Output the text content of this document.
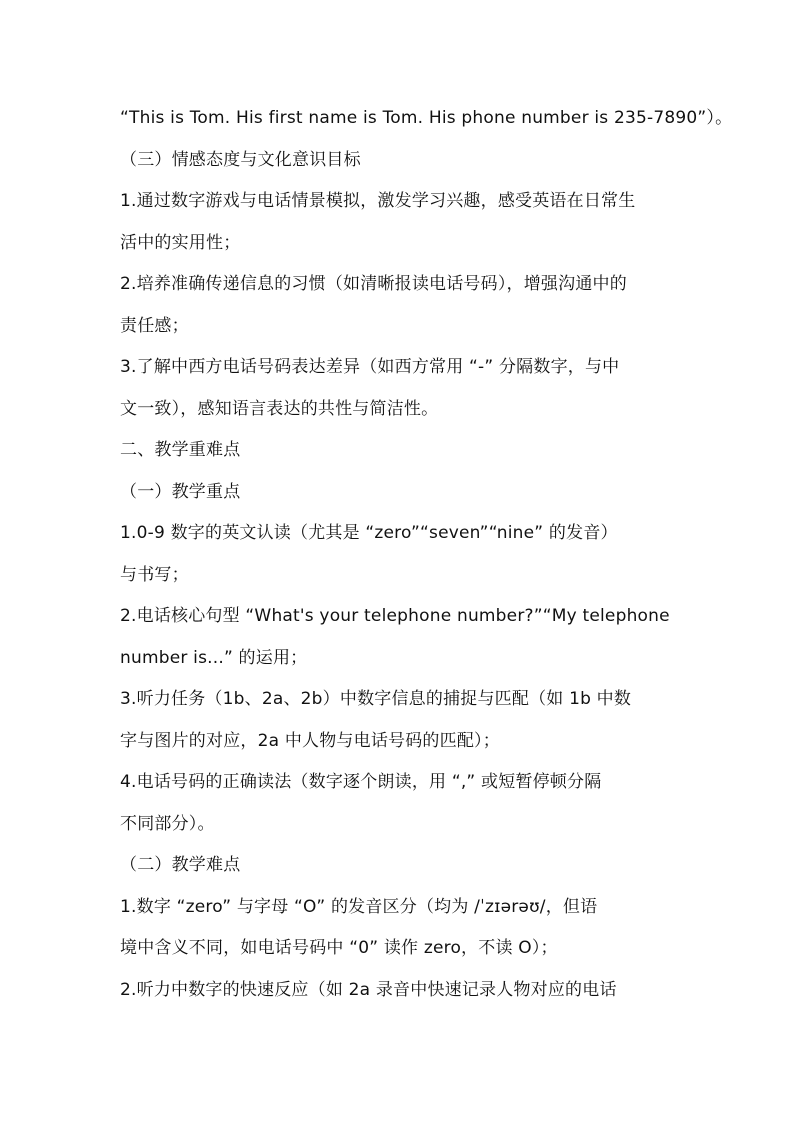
“This is Tom. His first name is Tom. His phone number is 235-7890”）。
（三）情感态度与文化意识目标
1.通过数字游戏与电话情景模拟，激发学习兴趣，感受英语在日常生
活中的实用性；
2.培养准确传递信息的习惯（如清晰报读电话号码），增强沟通中的
责任感；
3.了解中西方电话号码表达差异（如西方常用 “-” 分隔数字，与中
文一致），感知语言表达的共性与简洁性。
二、教学重难点
（一）教学重点
1.0-9 数字的英文认读（尤其是 “zero”“seven”“nine” 的发音）
与书写；
2.电话核心句型 “What's your telephone number?”“My telephone
number is...” 的运用；
3.听力任务（1b、2a、2b）中数字信息的捕捉与匹配（如 1b 中数
字与图片的对应，2a 中人物与电话号码的匹配）；
4.电话号码的正确读法（数字逐个朗读，用 “,” 或短暂停顿分隔
不同部分）。
（二）教学难点
1.数字 “zero” 与字母 “O” 的发音区分（均为 /ˈzɪərəʊ/，但语
境中含义不同，如电话号码中 “0” 读作 zero，不读 O）；
2.听力中数字的快速反应（如 2a 录音中快速记录人物对应的电话
